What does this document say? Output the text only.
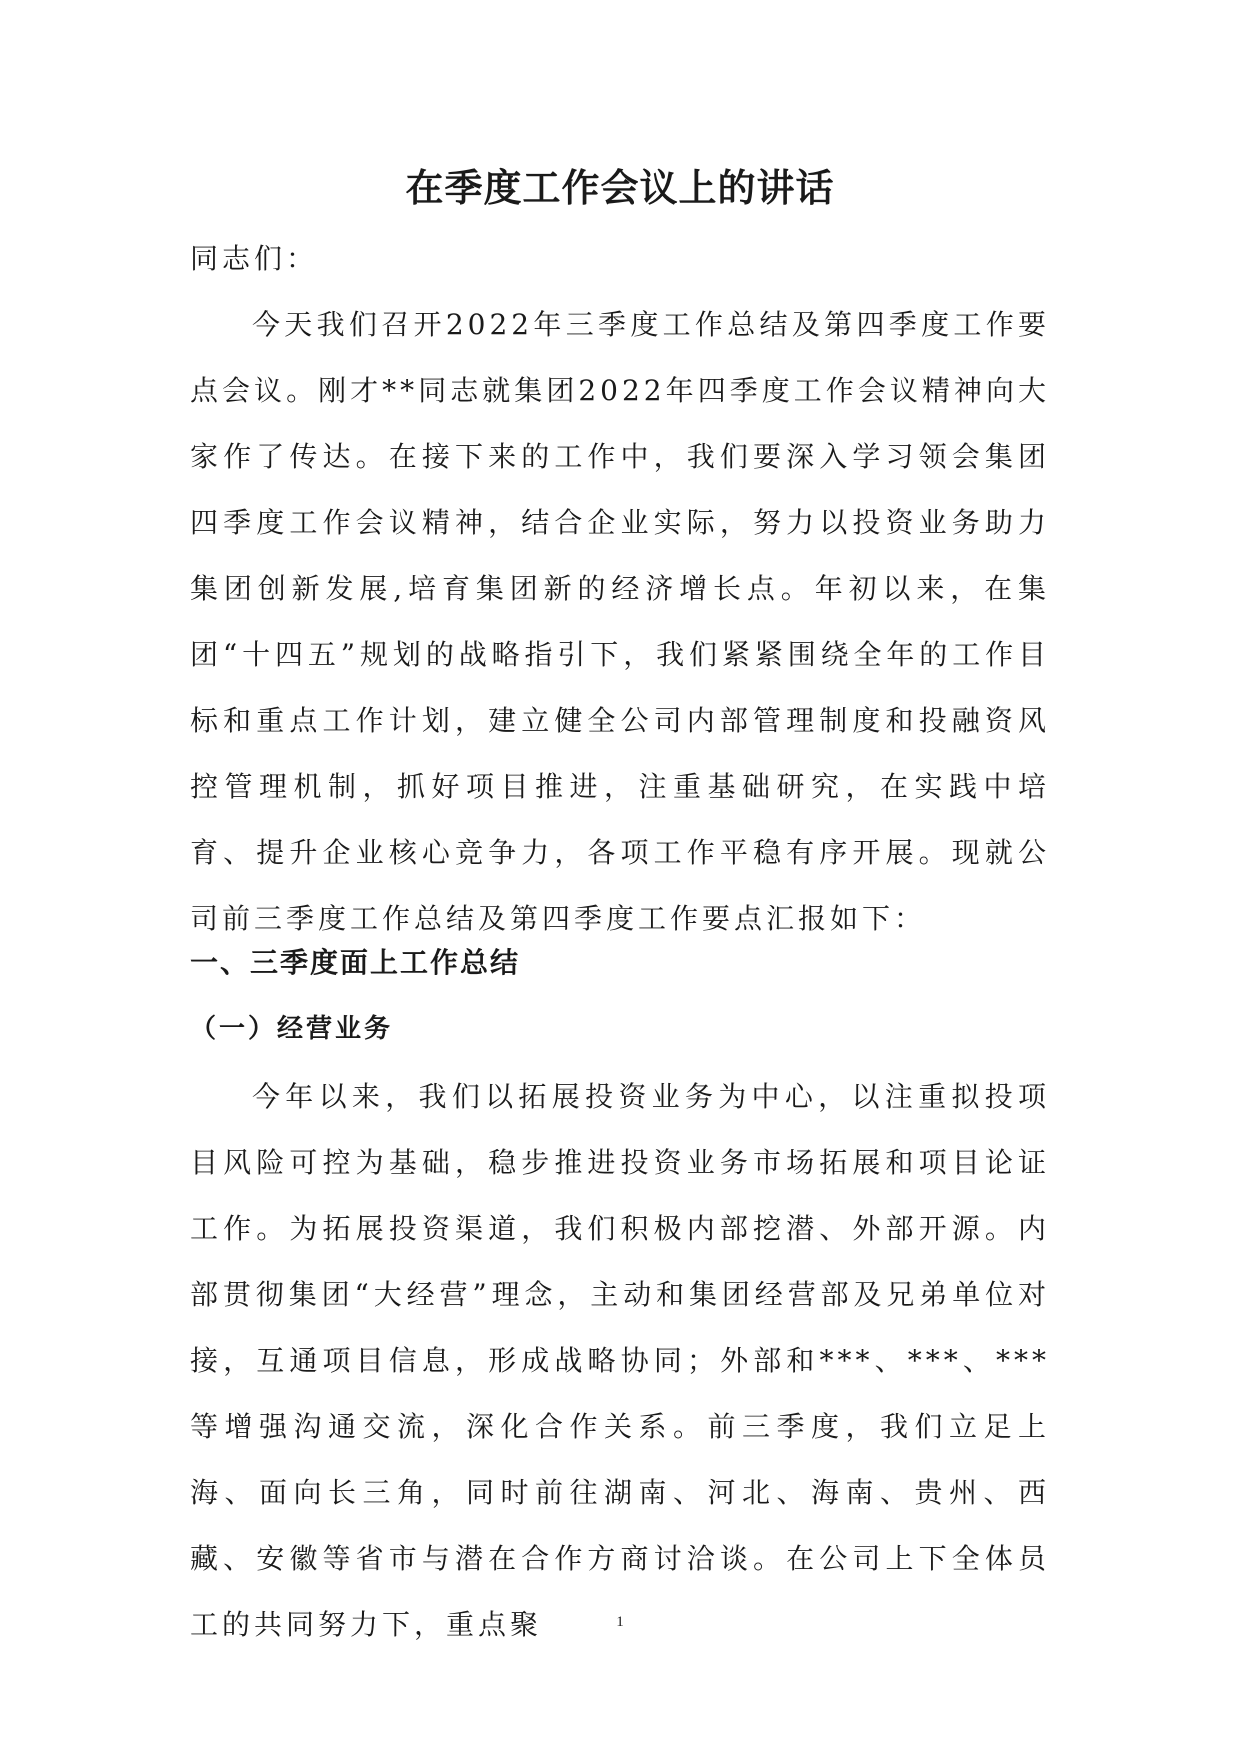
在季度工作会议上的讲话
同志们：

今天我们召开2022年三季度工作总结及第四季度工作要点会议。刚才**同志就集团2022年四季度工作会议精神向大家作了传达。在接下来的工作中，我们要深入学习领会集团四季度工作会议精神，结合企业实际，努力以投资业务助力集团创新发展,培育集团新的经济增长点。年初以来，在集团“十四五”规划的战略指引下，我们紧紧围绕全年的工作目标和重点工作计划，建立健全公司内部管理制度和投融资风控管理机制，抓好项目推进，注重基础研究，在实践中培育、提升企业核心竞争力，各项工作平稳有序开展。现就公司前三季度工作总结及第四季度工作要点汇报如下：

一、三季度面上工作总结
（一）经营业务

今年以来，我们以拓展投资业务为中心，以注重拟投项目风险可控为基础，稳步推进投资业务市场拓展和项目论证工作。为拓展投资渠道，我们积极内部挖潜、外部开源。内部贯彻集团“大经营”理念，主动和集团经营部及兄弟单位对接，互通项目信息，形成战略协同；外部和***、***、***等增强沟通交流，深化合作关系。前三季度，我们立足上海、面向长三角，同时前往湖南、河北、海南、贵州、西藏、安徽等省市与潜在合作方商讨洽谈。在公司上下全体员工的共同努力下，重点聚	1
